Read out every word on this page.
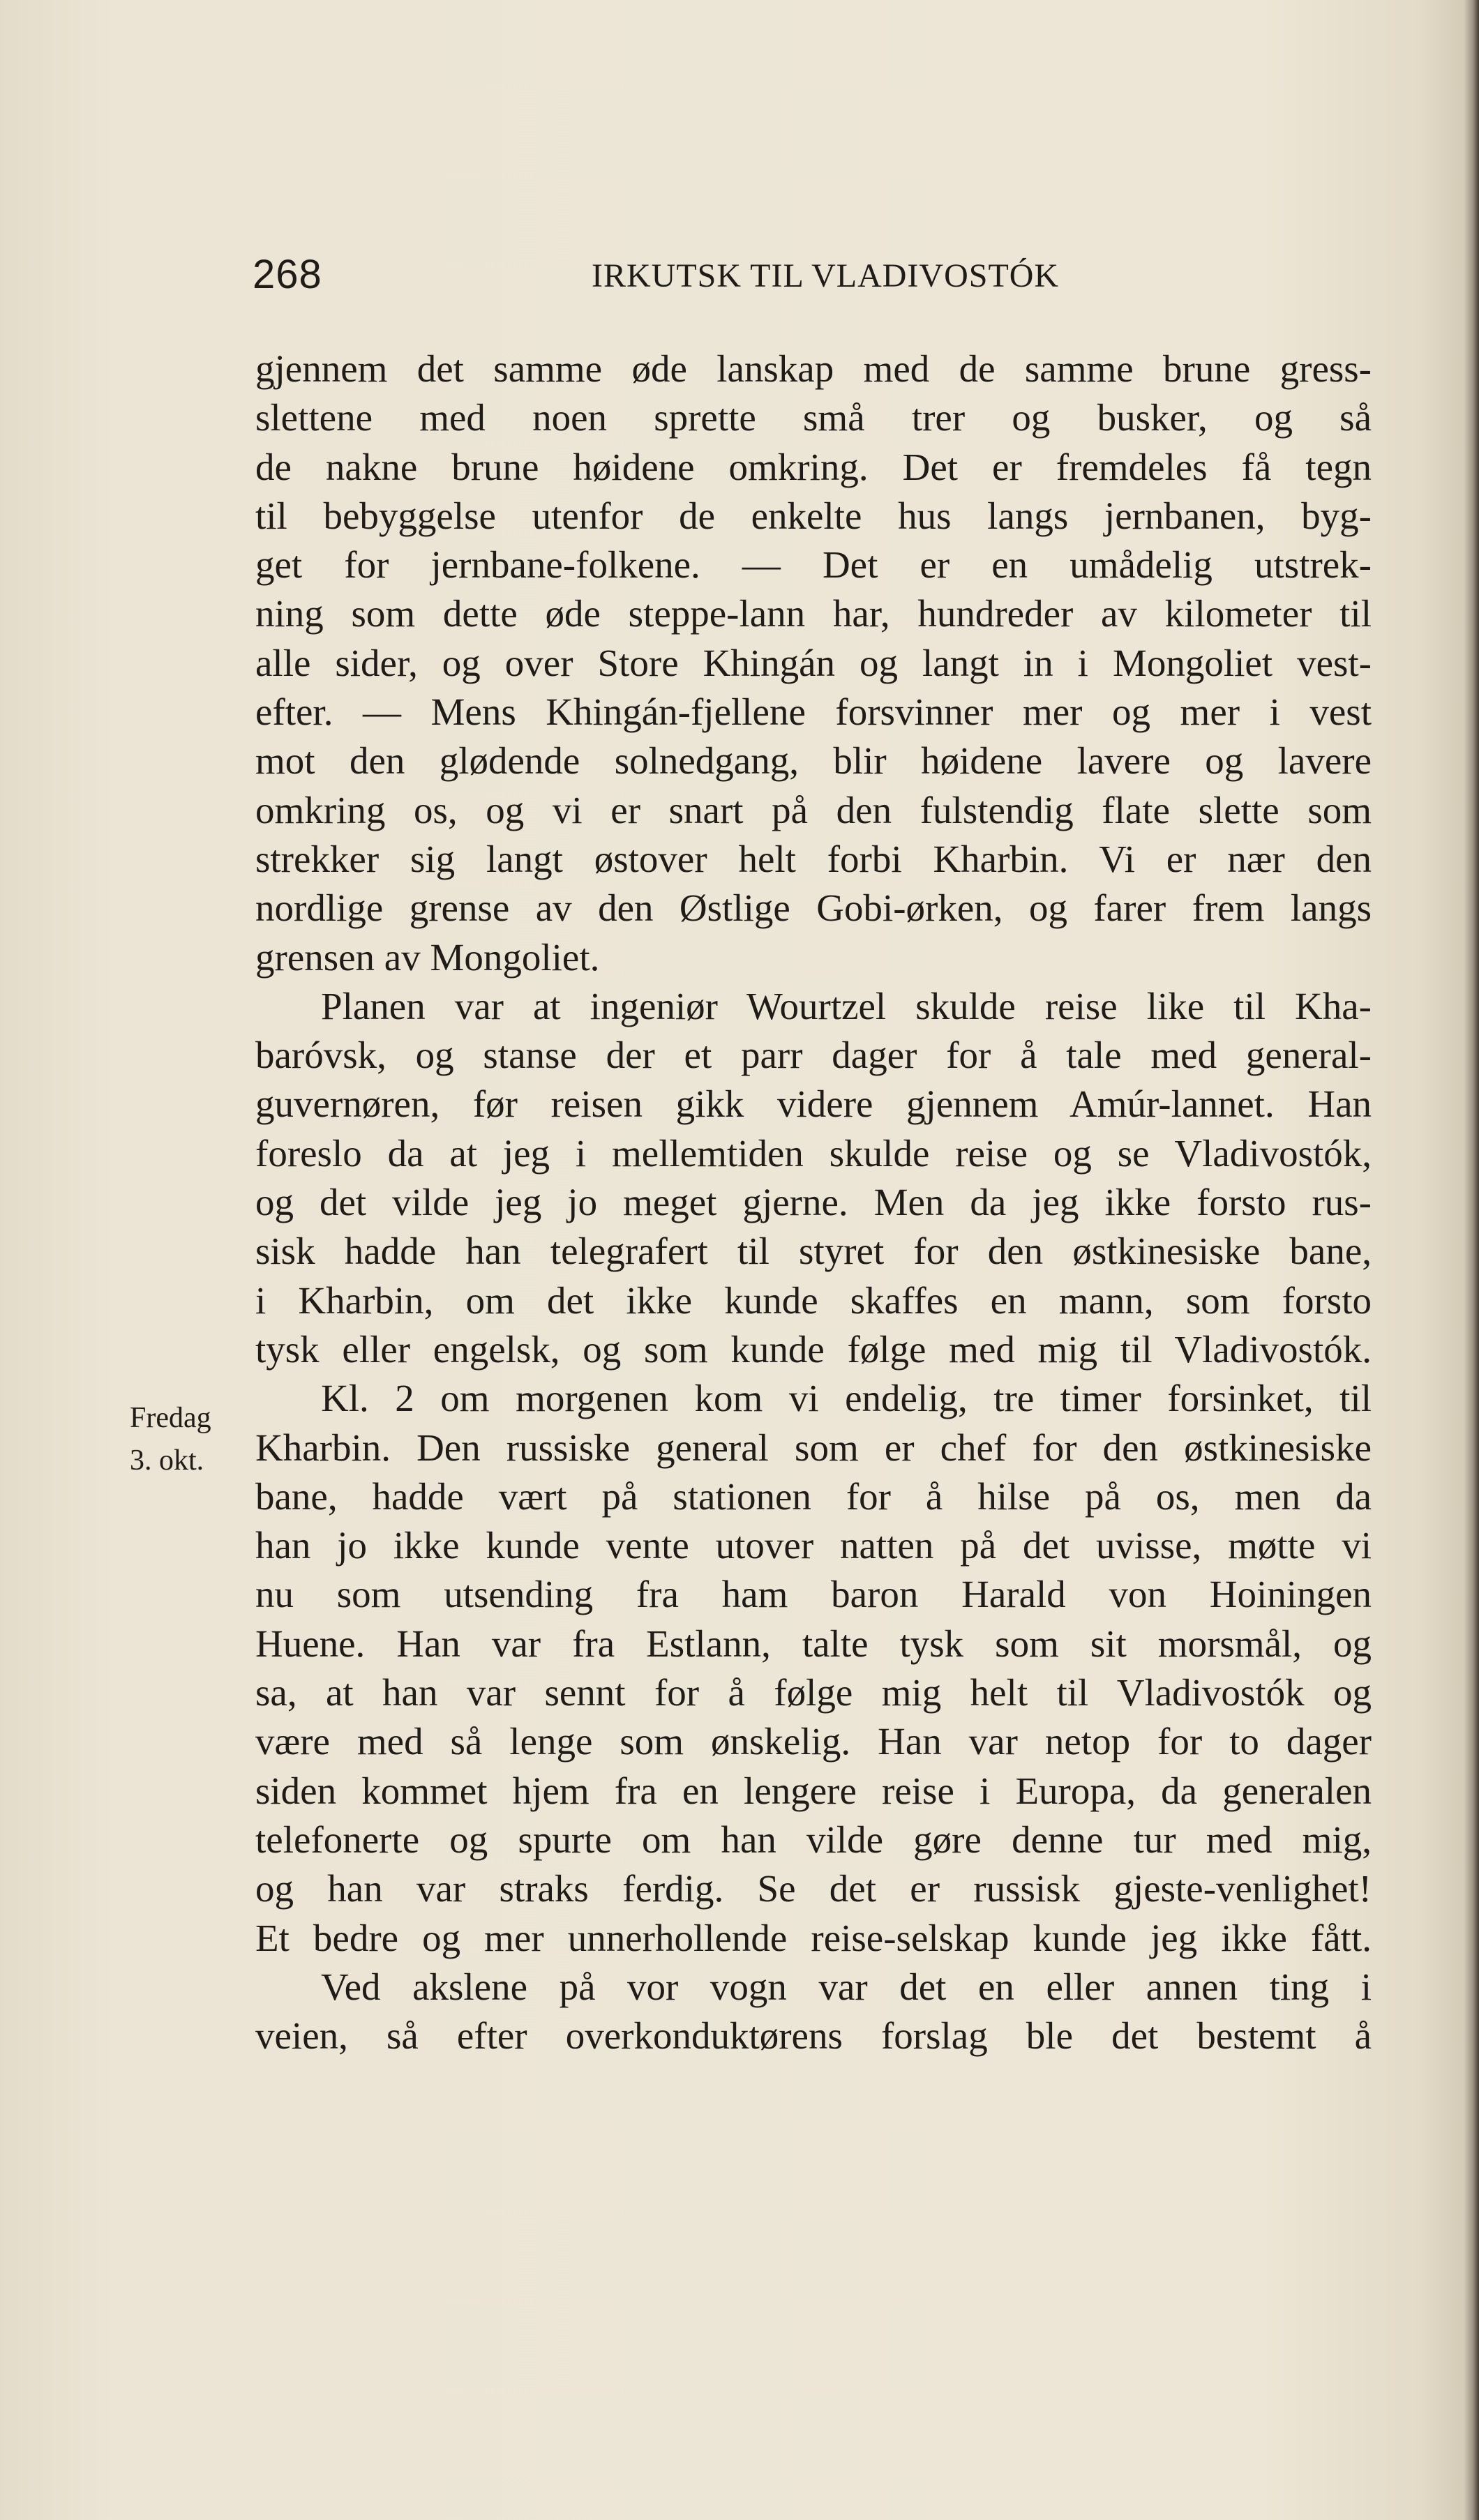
268	IRKUTSK TIL VLADIVOSTÓK
Fredag
3. okt.
gjennem det samme øde lanskap med de samme brune gress-
slettene med noen sprette små trer og busker, og så
de nakne brune høidene omkring. Det er fremdeles få tegn
til bebyggelse utenfor de enkelte hus langs jernbanen, byg-
get for jernbane-folkene. — Det er en umådelig utstrek-
ning som dette øde steppe-lann har, hundreder av kilometer til
alle sider, og over Store Khingán og langt in i Mongoliet vest-
efter. — Mens Khingán-fjellene forsvinner mer og mer i vest
mot den glødende solnedgang, blir høidene lavere og lavere
omkring os, og vi er snart på den fulstendig flate slette som
strekker sig langt østover helt forbi Kharbin. Vi er nær den
nordlige grense av den Østlige Gobi-ørken, og farer frem langs
grensen av Mongoliet.
Planen var at ingeniør Wourtzel skulde reise like til Kha-
baróvsk, og stanse der et parr dager for å tale med general-
guvernøren, før reisen gikk videre gjennem Amúr-lannet. Han
foreslo da at jeg i mellemtiden skulde reise og se Vladivostók,
og det vilde jeg jo meget gjerne. Men da jeg ikke forsto rus-
sisk hadde han telegrafert til styret for den østkinesiske bane,
i Kharbin, om det ikke kunde skaffes en mann, som forsto
tysk eller engelsk, og som kunde følge med mig til Vladivostók.
Kl. 2 om morgenen kom vi endelig, tre timer forsinket, til
Kharbin. Den russiske general som er chef for den østkinesiske
bane, hadde vært på stationen for å hilse på os, men da
han jo ikke kunde vente utover natten på det uvisse, møtte vi
nu som utsending fra ham baron Harald von Hoiningen
Huene. Han var fra Estlann, talte tysk som sit morsmål, og
sa, at han var sennt for å følge mig helt til Vladivostók og
være med så lenge som ønskelig. Han var netop for to dager
siden kommet hjem fra en lengere reise i Europa, da generalen
telefonerte og spurte om han vilde gøre denne tur med mig,
og han var straks ferdig. Se det er russisk gjeste-venlighet!
Et bedre og mer unnerhollende reise-selskap kunde jeg ikke fått.
Ved akslene på vor vogn var det en eller annen ting i
veien, så efter overkonduktørens forslag ble det bestemt å
